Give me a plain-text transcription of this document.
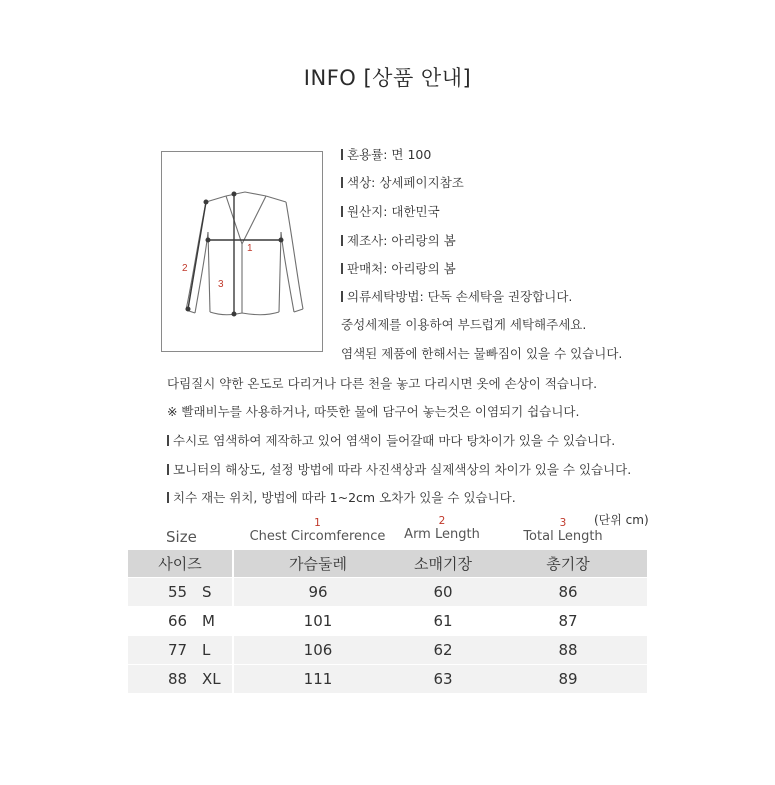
INFO [상품 안내]
1
2
3
혼용률: 면 100
색상: 상세페이지참조
원산지: 대한민국
제조사: 아리랑의 봄
판매처: 아리랑의 봄
의류세탁방법: 단독 손세탁을 권장합니다.
중성세제를 이용하여 부드럽게 세탁해주세요.
염색된 제품에 한해서는 물빠짐이 있을 수 있습니다.
다림질시 약한 온도로 다리거나 다른 천을 놓고 다리시면 옷에 손상이 적습니다.
※ 빨래비누를 사용하거나, 따뜻한 물에 담구어 놓는것은 이염되기 쉽습니다.
수시로 염색하여 제작하고 있어 염색이 들어갈때 마다 탕차이가 있을 수 있습니다.
모니터의 해상도, 설정 방법에 따라 사진색상과 실제색상의 차이가 있을 수 있습니다.
치수 재는 위치, 방법에 따라 1~2cm 오차가 있을 수 있습니다.
(단위 cm)
Size
1
Chest Circomference
2
Arm Length
3
Total Length
사이즈	가슴둘레	소매기장	총기장
55 S	96	60	86
66 M	101	61	87
77 L	106	62	88
88 XL	111	63	89
